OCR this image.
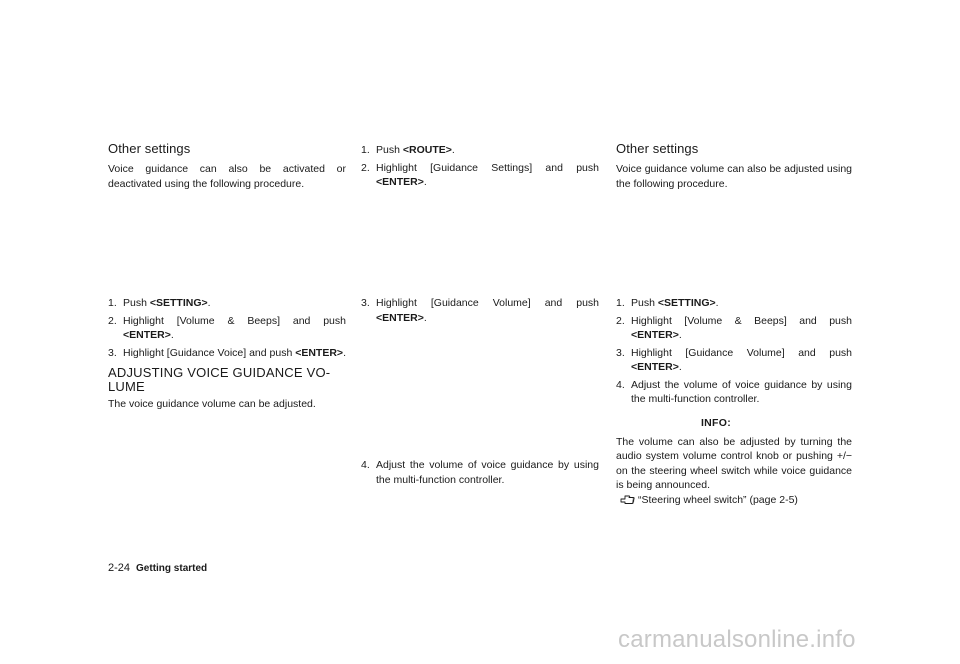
Other settings
Voice guidance can also be activated or deactivated using the following procedure.
1. Push <ROUTE>.
2. Highlight [Guidance Settings] and push <ENTER>.
Other settings
Voice guidance volume can also be adjusted using the following procedure.
1. Push <SETTING>.
2. Highlight [Volume & Beeps] and push <ENTER>.
3. Highlight [Guidance Voice] and push <ENTER>.
ADJUSTING VOICE GUIDANCE VO-
LUME
The voice guidance volume can be adjusted.
3. Highlight [Guidance Volume] and push <ENTER>.
4. Adjust the volume of voice guidance by using the multi-function controller.
1. Push <SETTING>.
2. Highlight [Volume & Beeps] and push <ENTER>.
3. Highlight [Guidance Volume] and push <ENTER>.
4. Adjust the volume of voice guidance by using the multi-function controller.
INFO:
The volume can also be adjusted by turning the audio system volume control knob or pushing +/− on the steering wheel switch while voice guidance is being announced.
“Steering wheel switch” (page 2-5)
2-24 Getting started
carmanualsonline.info
